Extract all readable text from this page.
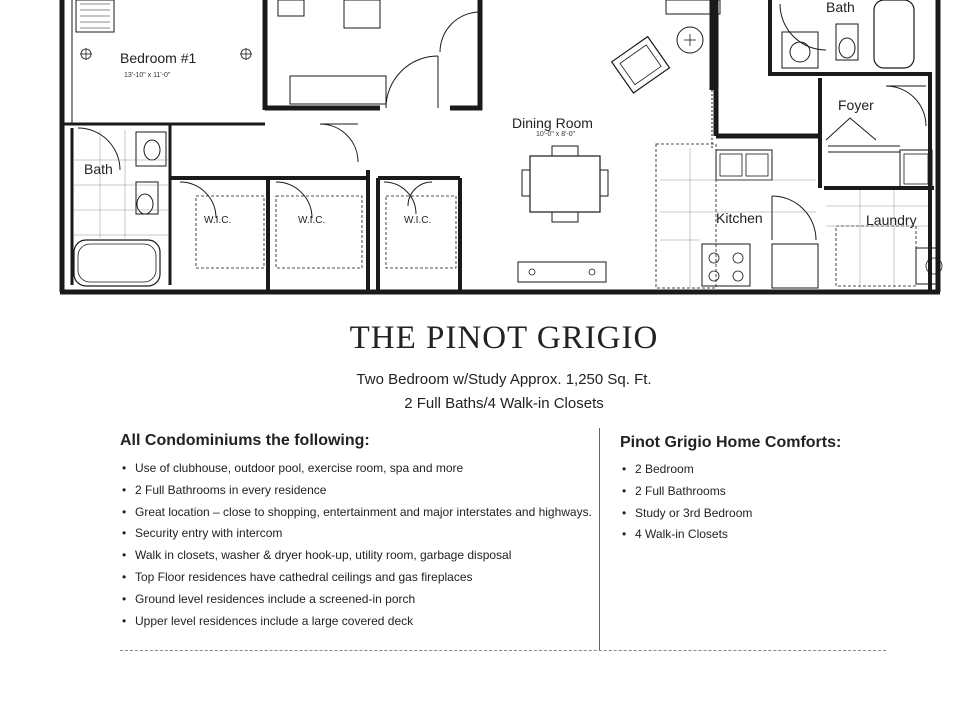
Bedroom #1
13'-10" x 11'-0"
Bath
W.I.C.	W.I.C.	W.I.C.
Dining Room
10'-0" x 8'-0"
Bath
Foyer
Kitchen	Laundry
THE PINOT GRIGIO
Two Bedroom w/Study Approx. 1,250 Sq. Ft.
2 Full Baths/4 Walk-in Closets
All Condominiums the following:
• Use of clubhouse, outdoor pool, exercise room, spa and more
• 2 Full Bathrooms in every residence
• Great location – close to shopping, entertainment and major interstates and highways.
• Security entry with intercom
• Walk in closets, washer & dryer hook-up, utility room, garbage disposal
• Top Floor residences have cathedral ceilings and gas fireplaces
• Ground level residences include a screened-in porch
• Upper level residences include a large covered deck
Pinot Grigio Home Comforts:
• 2 Bedroom
• 2 Full Bathrooms
• Study or 3rd Bedroom
• 4 Walk-in Closets
